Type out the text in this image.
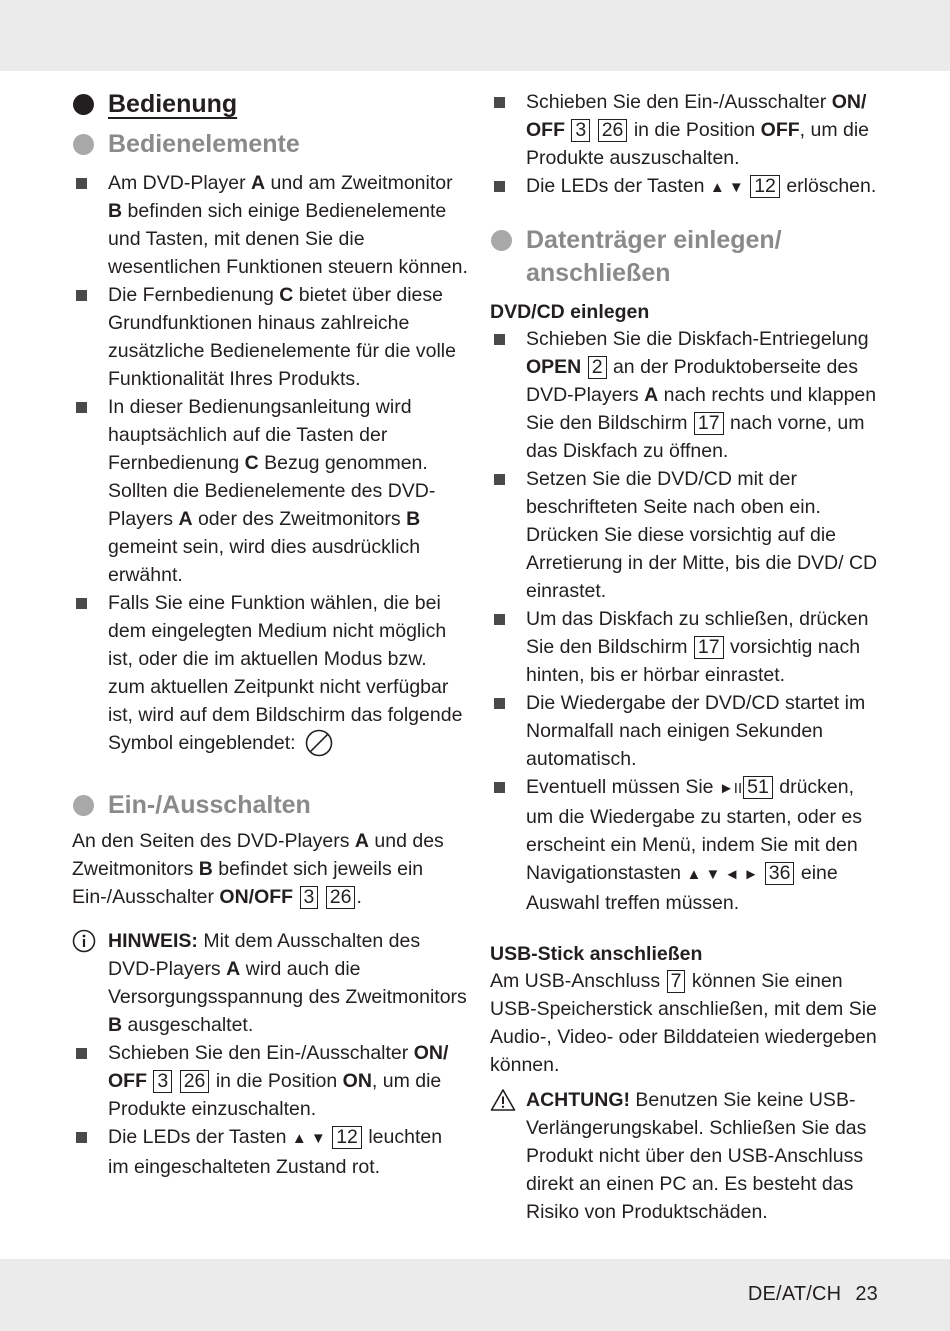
Bedienung
Bedienelemente
Am DVD-Player A und am Zweitmonitor B befinden sich einige Bedienelemente und Tasten, mit denen Sie die wesentlichen Funktionen steuern können.
Die Fernbedienung C bietet über diese Grundfunktionen hinaus zahlreiche zusätzliche Bedienelemente für die volle Funktionalität Ihres Produkts.
In dieser Bedienungsanleitung wird hauptsächlich auf die Tasten der Fernbedienung C Bezug genommen. Sollten die Bedienelemente des DVD-Players A oder des Zweitmonitors B gemeint sein, wird dies ausdrücklich erwähnt.
Falls Sie eine Funktion wählen, die bei dem eingelegten Medium nicht möglich ist, oder die im aktuellen Modus bzw. zum aktuellen Zeitpunkt nicht verfügbar ist, wird auf dem Bildschirm das folgende Symbol eingeblendet:
Ein-/Ausschalten

An den Seiten des DVD-Players A und des Zweitmonitors B befindet sich jeweils ein Ein-/Ausschalter ON/OFF 3 26 .

HINWEIS: Mit dem Ausschalten des DVD-Players A wird auch die Versorgungsspannung des Zweitmonitors B ausgeschaltet.
Schieben Sie den Ein-/Ausschalter ON/ OFF 3 26 in die Position ON, um die Produkte einzuschalten.
Die LEDs der Tasten ▲ ▼ 12 leuchten im eingeschalteten Zustand rot.
Schieben Sie den Ein-/Ausschalter ON/ OFF 3 26 in die Position OFF, um die Produkte auszuschalten.
Die LEDs der Tasten ▲ ▼ 12 erlöschen.
Datenträger einlegen/ anschließen
DVD/CD einlegen
Schieben Sie die Diskfach-Entriegelung OPEN 2 an der Produktoberseite des DVD-Players A nach rechts und klappen Sie den Bildschirm 17 nach vorne, um das Diskfach zu öffnen.
Setzen Sie die DVD/CD mit der beschrifteten Seite nach oben ein. Drücken Sie diese vorsichtig auf die Arretierung in der Mitte, bis die DVD/ CD einrastet.
Um das Diskfach zu schließen, drücken Sie den Bildschirm 17 vorsichtig nach hinten, bis er hörbar einrastet.
Die Wiedergabe der DVD/CD startet im Normalfall nach einigen Sekunden automatisch.
Eventuell müssen Sie ►II 51 drücken, um die Wiedergabe zu starten, oder es erscheint ein Menü, indem Sie mit den Navigationstasten ▲ ▼ ◄ ► 36 eine Auswahl treffen müssen.
USB-Stick anschließen

Am USB-Anschluss 7 können Sie einen USB-Speicherstick anschließen, mit dem Sie Audio-, Video- oder Bilddateien wiedergeben können.

ACHTUNG! Benutzen Sie keine USB-Verlängerungskabel. Schließen Sie das Produkt nicht über den USB-Anschluss direkt an einen PC an. Es besteht das Risiko von Produktschäden.
DE/AT/CH 23
